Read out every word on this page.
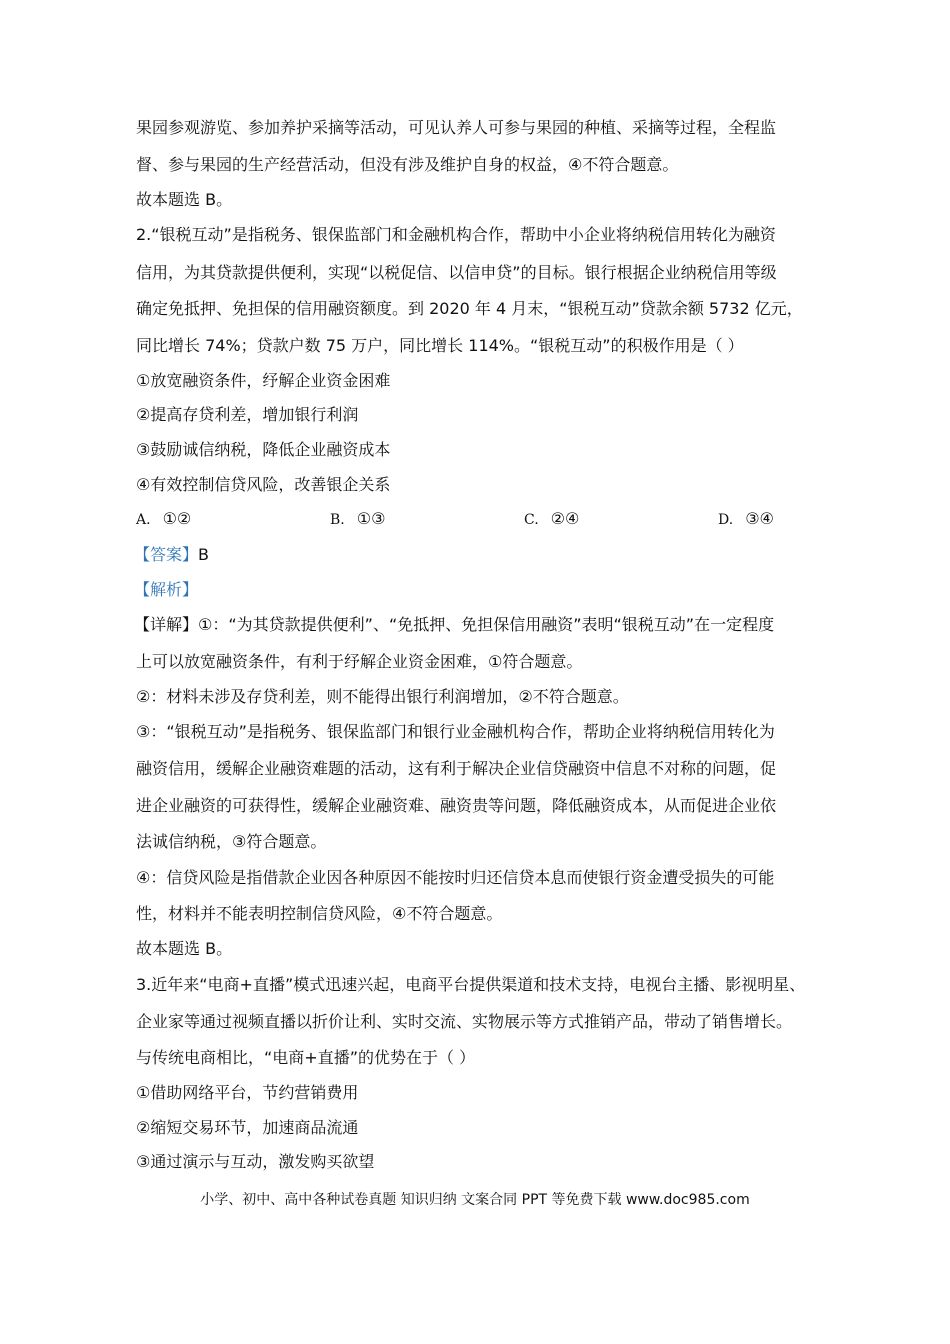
果园参观游览、参加养护采摘等活动，可见认养人可参与果园的种植、采摘等过程，全程监
督、参与果园的生产经营活动，但没有涉及维护自身的权益，④不符合题意。
故本题选 B。
2.“银税互动”是指税务、银保监部门和金融机构合作，帮助中小企业将纳税信用转化为融资
信用，为其贷款提供便利，实现“以税促信、以信申贷”的目标。银行根据企业纳税信用等级
确定免抵押、免担保的信用融资额度。到 2020 年 4 月末，“银税互动”贷款余额 5732 亿元，
同比增长 74%；贷款户数 75 万户，同比增长 114%。“银税互动”的积极作用是（ ）
①放宽融资条件，纾解企业资金困难
②提高存贷利差，增加银行利润
③鼓励诚信纳税，降低企业融资成本
④有效控制信贷风险，改善银企关系
A. ①②	B. ①③	C. ②④	D. ③④
【答案】B
【解析】
【详解】①：“为其贷款提供便利”、“免抵押、免担保信用融资”表明“银税互动”在一定程度
上可以放宽融资条件，有利于纾解企业资金困难，①符合题意。
②：材料未涉及存贷利差，则不能得出银行利润增加，②不符合题意。
③：“银税互动”是指税务、银保监部门和银行业金融机构合作，帮助企业将纳税信用转化为
融资信用，缓解企业融资难题的活动，这有利于解决企业信贷融资中信息不对称的问题，促
进企业融资的可获得性，缓解企业融资难、融资贵等问题，降低融资成本，从而促进企业依
法诚信纳税，③符合题意。
④：信贷风险是指借款企业因各种原因不能按时归还信贷本息而使银行资金遭受损失的可能
性，材料并不能表明控制信贷风险，④不符合题意。
故本题选 B。
3.近年来“电商+直播”模式迅速兴起，电商平台提供渠道和技术支持，电视台主播、影视明星、
企业家等通过视频直播以折价让利、实时交流、实物展示等方式推销产品，带动了销售增长。
与传统电商相比，“电商+直播”的优势在于（ ）
①借助网络平台，节约营销费用
②缩短交易环节，加速商品流通
③通过演示与互动，激发购买欲望
小学、初中、高中各种试卷真题 知识归纳 文案合同 PPT 等免费下载 www.doc985.com
